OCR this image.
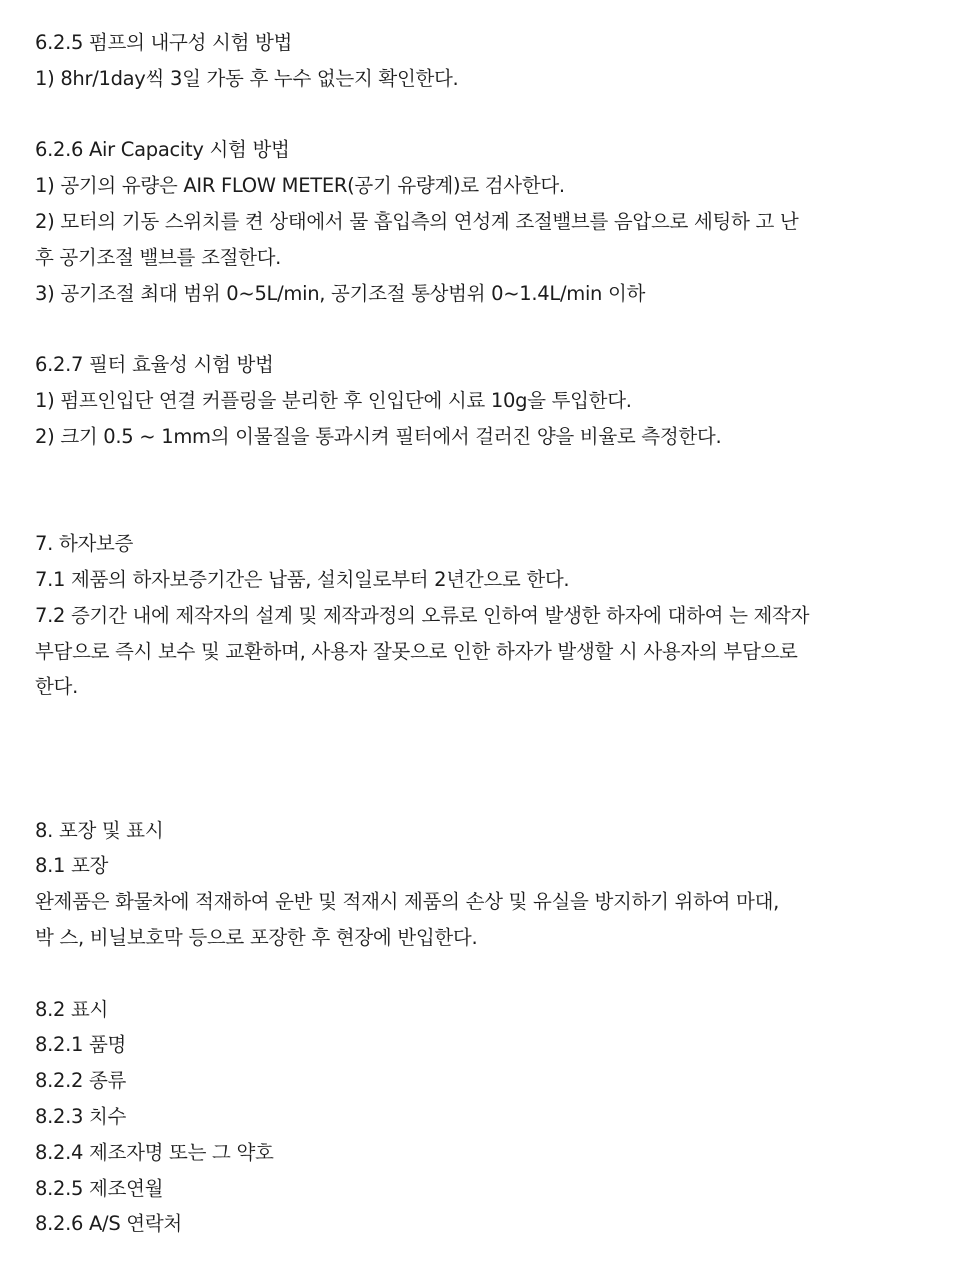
6.2.5 펌프의 내구성 시험 방법
1) 8hr/1day씩 3일 가동 후 누수 없는지 확인한다.
6.2.6 Air Capacity 시험 방법
1) 공기의 유량은 AIR FLOW METER(공기 유량계)로 검사한다.
2) 모터의 기동 스위치를 켠 상태에서 물 흡입측의 연성계 조절밸브를 음압으로 세팅하 고 난
후 공기조절 밸브를 조절한다.
3) 공기조절 최대 범위 0~5L/min, 공기조절 통상범위 0~1.4L/min 이하
6.2.7 필터 효율성 시험 방법
1) 펌프인입단 연결 커플링을 분리한 후 인입단에 시료 10g을 투입한다.
2) 크기 0.5 ~ 1mm의 이물질을 통과시켜 필터에서 걸러진 양을 비율로 측정한다.
7. 하자보증
7.1 제품의 하자보증기간은 납품, 설치일로부터 2년간으로 한다.
7.2 증기간 내에 제작자의 설계 및 제작과정의 오류로 인하여 발생한 하자에 대하여 는 제작자
부담으로 즉시 보수 및 교환하며, 사용자 잘못으로 인한 하자가 발생할 시 사용자의 부담으로
한다.
8. 포장 및 표시
8.1 포장
완제품은 화물차에 적재하여 운반 및 적재시 제품의 손상 및 유실을 방지하기 위하여 마대,
박 스, 비닐보호막 등으로 포장한 후 현장에 반입한다.
8.2 표시
8.2.1 품명
8.2.2 종류
8.2.3 치수
8.2.4 제조자명 또는 그 약호
8.2.5 제조연월
8.2.6 A/S 연락처
